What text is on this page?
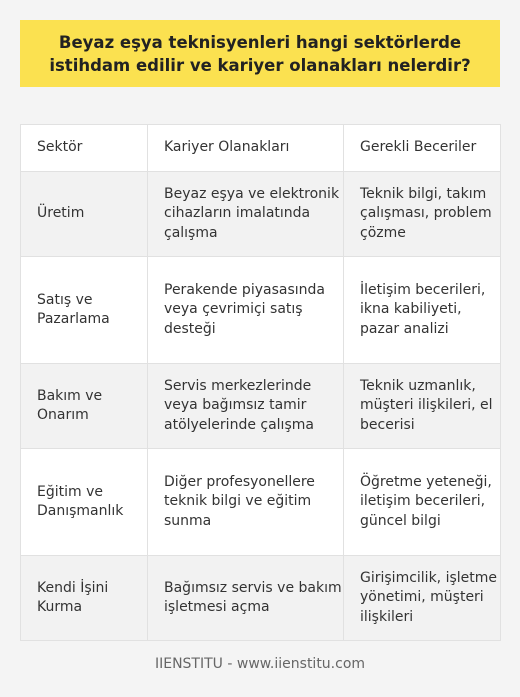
Beyaz eşya teknisyenleri hangi sektörlerde istihdam edilir ve kariyer olanakları nelerdir?
Sektör	Kariyer Olanakları	Gerekli Beceriler
Üretim	Beyaz eşya ve elektronik cihazların imalatında çalışma	Teknik bilgi, takım çalışması, problem çözme
Satış ve Pazarlama	Perakende piyasasında veya çevrimiçi satış desteği	İletişim becerileri, ikna kabiliyeti, pazar analizi
Bakım ve Onarım	Servis merkezlerinde veya bağımsız tamir atölyelerinde çalışma	Teknik uzmanlık, müşteri ilişkileri, el becerisi
Eğitim ve Danışmanlık	Diğer profesyonellere teknik bilgi ve eğitim sunma	Öğretme yeteneği, iletişim becerileri, güncel bilgi
Kendi İşini Kurma	Bağımsız servis ve bakım işletmesi açma	Girişimcilik, işletme yönetimi, müşteri ilişkileri
IIENSTITU - www.iienstitu.com
